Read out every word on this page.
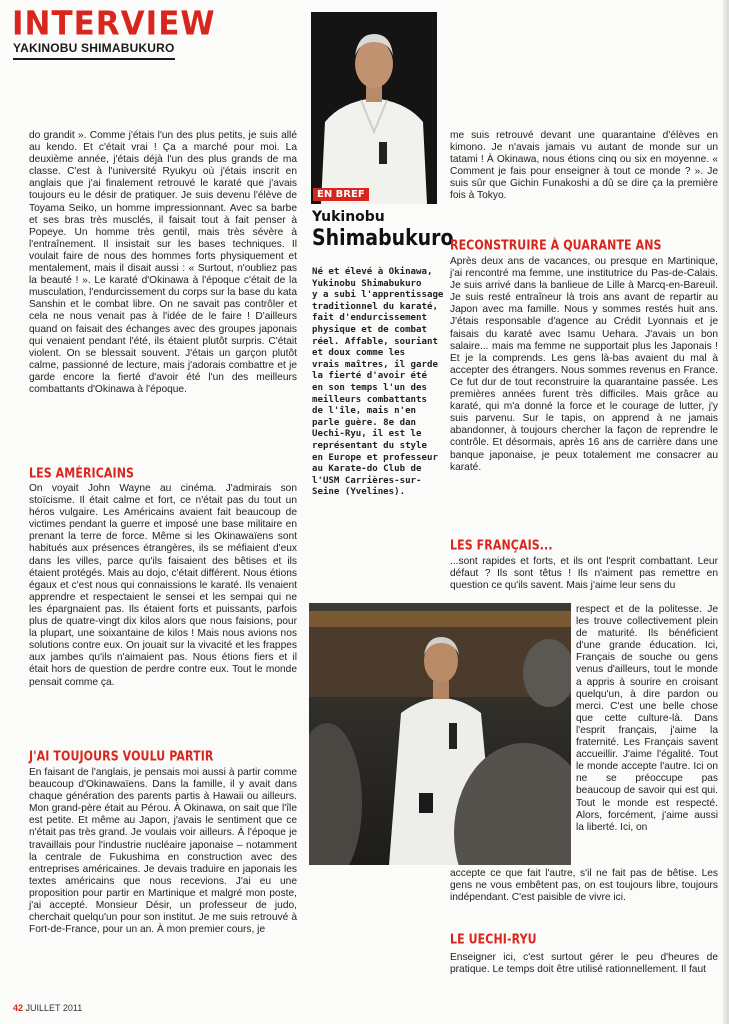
INTERVIEW
YAKINOBU SHIMABUKURO

do grandit ». Comme j'étais l'un des plus petits, je suis allé au kendo. Et c'était vrai ! Ça a marché pour moi. La deuxième année, j'étais déjà l'un des plus grands de ma classe. C'est à l'université Ryukyu où j'étais inscrit en anglais que j'ai finalement retrouvé le karaté que j'avais toujours eu le désir de pratiquer. Je suis devenu l'élève de Toyama Seiko, un homme impressionnant. Avec sa barbe et ses bras très musclés, il faisait tout à fait penser à Popeye. Un homme très gentil, mais très sévère à l'entraînement. Il insistait sur les bases techniques. Il voulait faire de nous des hommes forts physiquement et mentalement, mais il disait aussi : « Surtout, n'oubliez pas la beauté ! ». Le karaté d'Okinawa à l'époque c'était de la musculation, l'endurcissement du corps sur la base du kata Sanshin et le combat libre. On ne savait pas contrôler et cela ne nous venait pas à l'idée de le faire ! D'ailleurs quand on faisait des échanges avec des groupes japonais qui venaient pendant l'été, ils étaient plutôt surpris. C'était violent. On se blessait souvent. J'étais un garçon plutôt calme, passionné de lecture, mais j'adorais combattre et je garde encore la fierté d'avoir été l'un des meilleurs combattants d'Okinawa à l'époque.

LES AMÉRICAINS

On voyait John Wayne au cinéma. J'admirais son stoïcisme. Il était calme et fort, ce n'était pas du tout un héros vulgaire. Les Américains avaient fait beaucoup de victimes pendant la guerre et imposé une base militaire en prenant la terre de force. Même si les Okinawaïens sont habitués aux présences étrangères, ils se méfiaient d'eux dans les villes, parce qu'ils faisaient des bêtises et ils étaient protégés. Mais au dojo, c'était différent. Nous étions égaux et c'est nous qui connaissions le karaté. Ils venaient apprendre et respectaient le sensei et les sempai qui ne les épargnaient pas. Ils étaient forts et puissants, parfois plus de quatre-vingt dix kilos alors que nous faisions, pour la plupart, une soixantaine de kilos ! Mais nous avions nos solutions contre eux. On jouait sur la vivacité et les frappes aux jambes qu'ils n'aimaient pas. Nous étions fiers et il était hors de question de perdre contre eux. Tout le monde pensait comme ça.

J'AI TOUJOURS VOULU PARTIR

En faisant de l'anglais, je pensais moi aussi à partir comme beaucoup d'Okinawaïens. Dans la famille, il y avait dans chaque génération des parents partis à Hawaii ou ailleurs. Mon grand-père était au Pérou. À Okinawa, on sait que l'île est petite. Et même au Japon, j'avais le sentiment que ce n'était pas très grand. Je voulais voir ailleurs. À l'époque je travaillais pour l'industrie nucléaire japonaise – notamment la centrale de Fukushima en construction avec des entreprises américaines. Je devais traduire en japonais les textes américains que nous recevions. J'ai eu une proposition pour partir en Martinique et malgré mon poste, j'ai accepté. Monsieur Désir, un professeur de judo, cherchait quelqu'un pour son institut. Je me suis retrouvé à Fort-de-France, pour un an. À mon premier cours, je

EN BREF
Yukinobu
Shimabukuro
Né et élevé à Okinawa,
Yukinobu Shimabukuro
y a subi l'apprentissage
traditionnel du karaté,
fait d'endurcissement
physique et de combat
réel. Affable, souriant
et doux comme les
vrais maîtres, il garde
la fierté d'avoir été
en son temps l'un des
meilleurs combattants
de l'île, mais n'en
parle guère. 8e dan
Uechi-Ryu, il est le
représentant du style
en Europe et professeur
au Karate-do Club de
l'USM Carrières-sur-
Seine (Yvelines).

me suis retrouvé devant une quarantaine d'élèves en kimono. Je n'avais jamais vu autant de monde sur un tatami ! À Okinawa, nous étions cinq ou six en moyenne. « Comment je fais pour enseigner à tout ce monde ? ». Je suis sûr que Gichin Funakoshi a dû se dire ça la première fois à Tokyo.

RECONSTRUIRE À QUARANTE ANS

Après deux ans de vacances, ou presque en Martinique, j'ai rencontré ma femme, une institutrice du Pas-de-Calais. Je suis arrivé dans la banlieue de Lille à Marcq-en-Bareuil. Je suis resté entraîneur là trois ans avant de repartir au Japon avec ma famille. Nous y sommes restés huit ans. J'étais responsable d'agence au Crédit Lyonnais et je faisais du karaté avec Isamu Uehara. J'avais un bon salaire... mais ma femme ne supportait plus les Japonais ! Et je la comprends. Les gens là-bas avaient du mal à accepter des étrangers. Nous sommes revenus en France. Ce fut dur de tout reconstruire la quarantaine passée. Les premières années furent très difficiles. Mais grâce au karaté, qui m'a donné la force et le courage de lutter, j'y suis parvenu. Sur le tapis, on apprend à ne jamais abandonner, à toujours chercher la façon de reprendre le contrôle. Et désormais, après 16 ans de carrière dans une banque japonaise, je peux totalement me consacrer au karaté.

LES FRANÇAIS...

...sont rapides et forts, et ils ont l'esprit combattant. Leur défaut ? Ils sont têtus ! Ils n'aiment pas remettre en question ce qu'ils savent. Mais j'aime leur sens du

respect et de la politesse. Je les trouve collectivement plein de maturité. Ils bénéficient d'une grande éducation. Ici, Français de souche ou gens venus d'ailleurs, tout le monde a appris à sourire en croisant quelqu'un, à dire pardon ou merci. C'est une belle chose que cette culture-là. Dans l'esprit français, j'aime la fraternité. Les Français savent accueillir. J'aime l'égalité. Tout le monde accepte l'autre. Ici on ne se préoccupe pas beaucoup de savoir qui est qui. Tout le monde est respecté. Alors, forcément, j'aime aussi la liberté. Ici, on

accepte ce que fait l'autre, s'il ne fait pas de bêtise. Les gens ne vous embêtent pas, on est toujours libre, toujours indépendant. C'est paisible de vivre ici.

LE UECHI-RYU

Enseigner ici, c'est surtout gérer le peu d'heures de pratique. Le temps doit être utilisé rationnellement. Il faut

42 JUILLET 2011
